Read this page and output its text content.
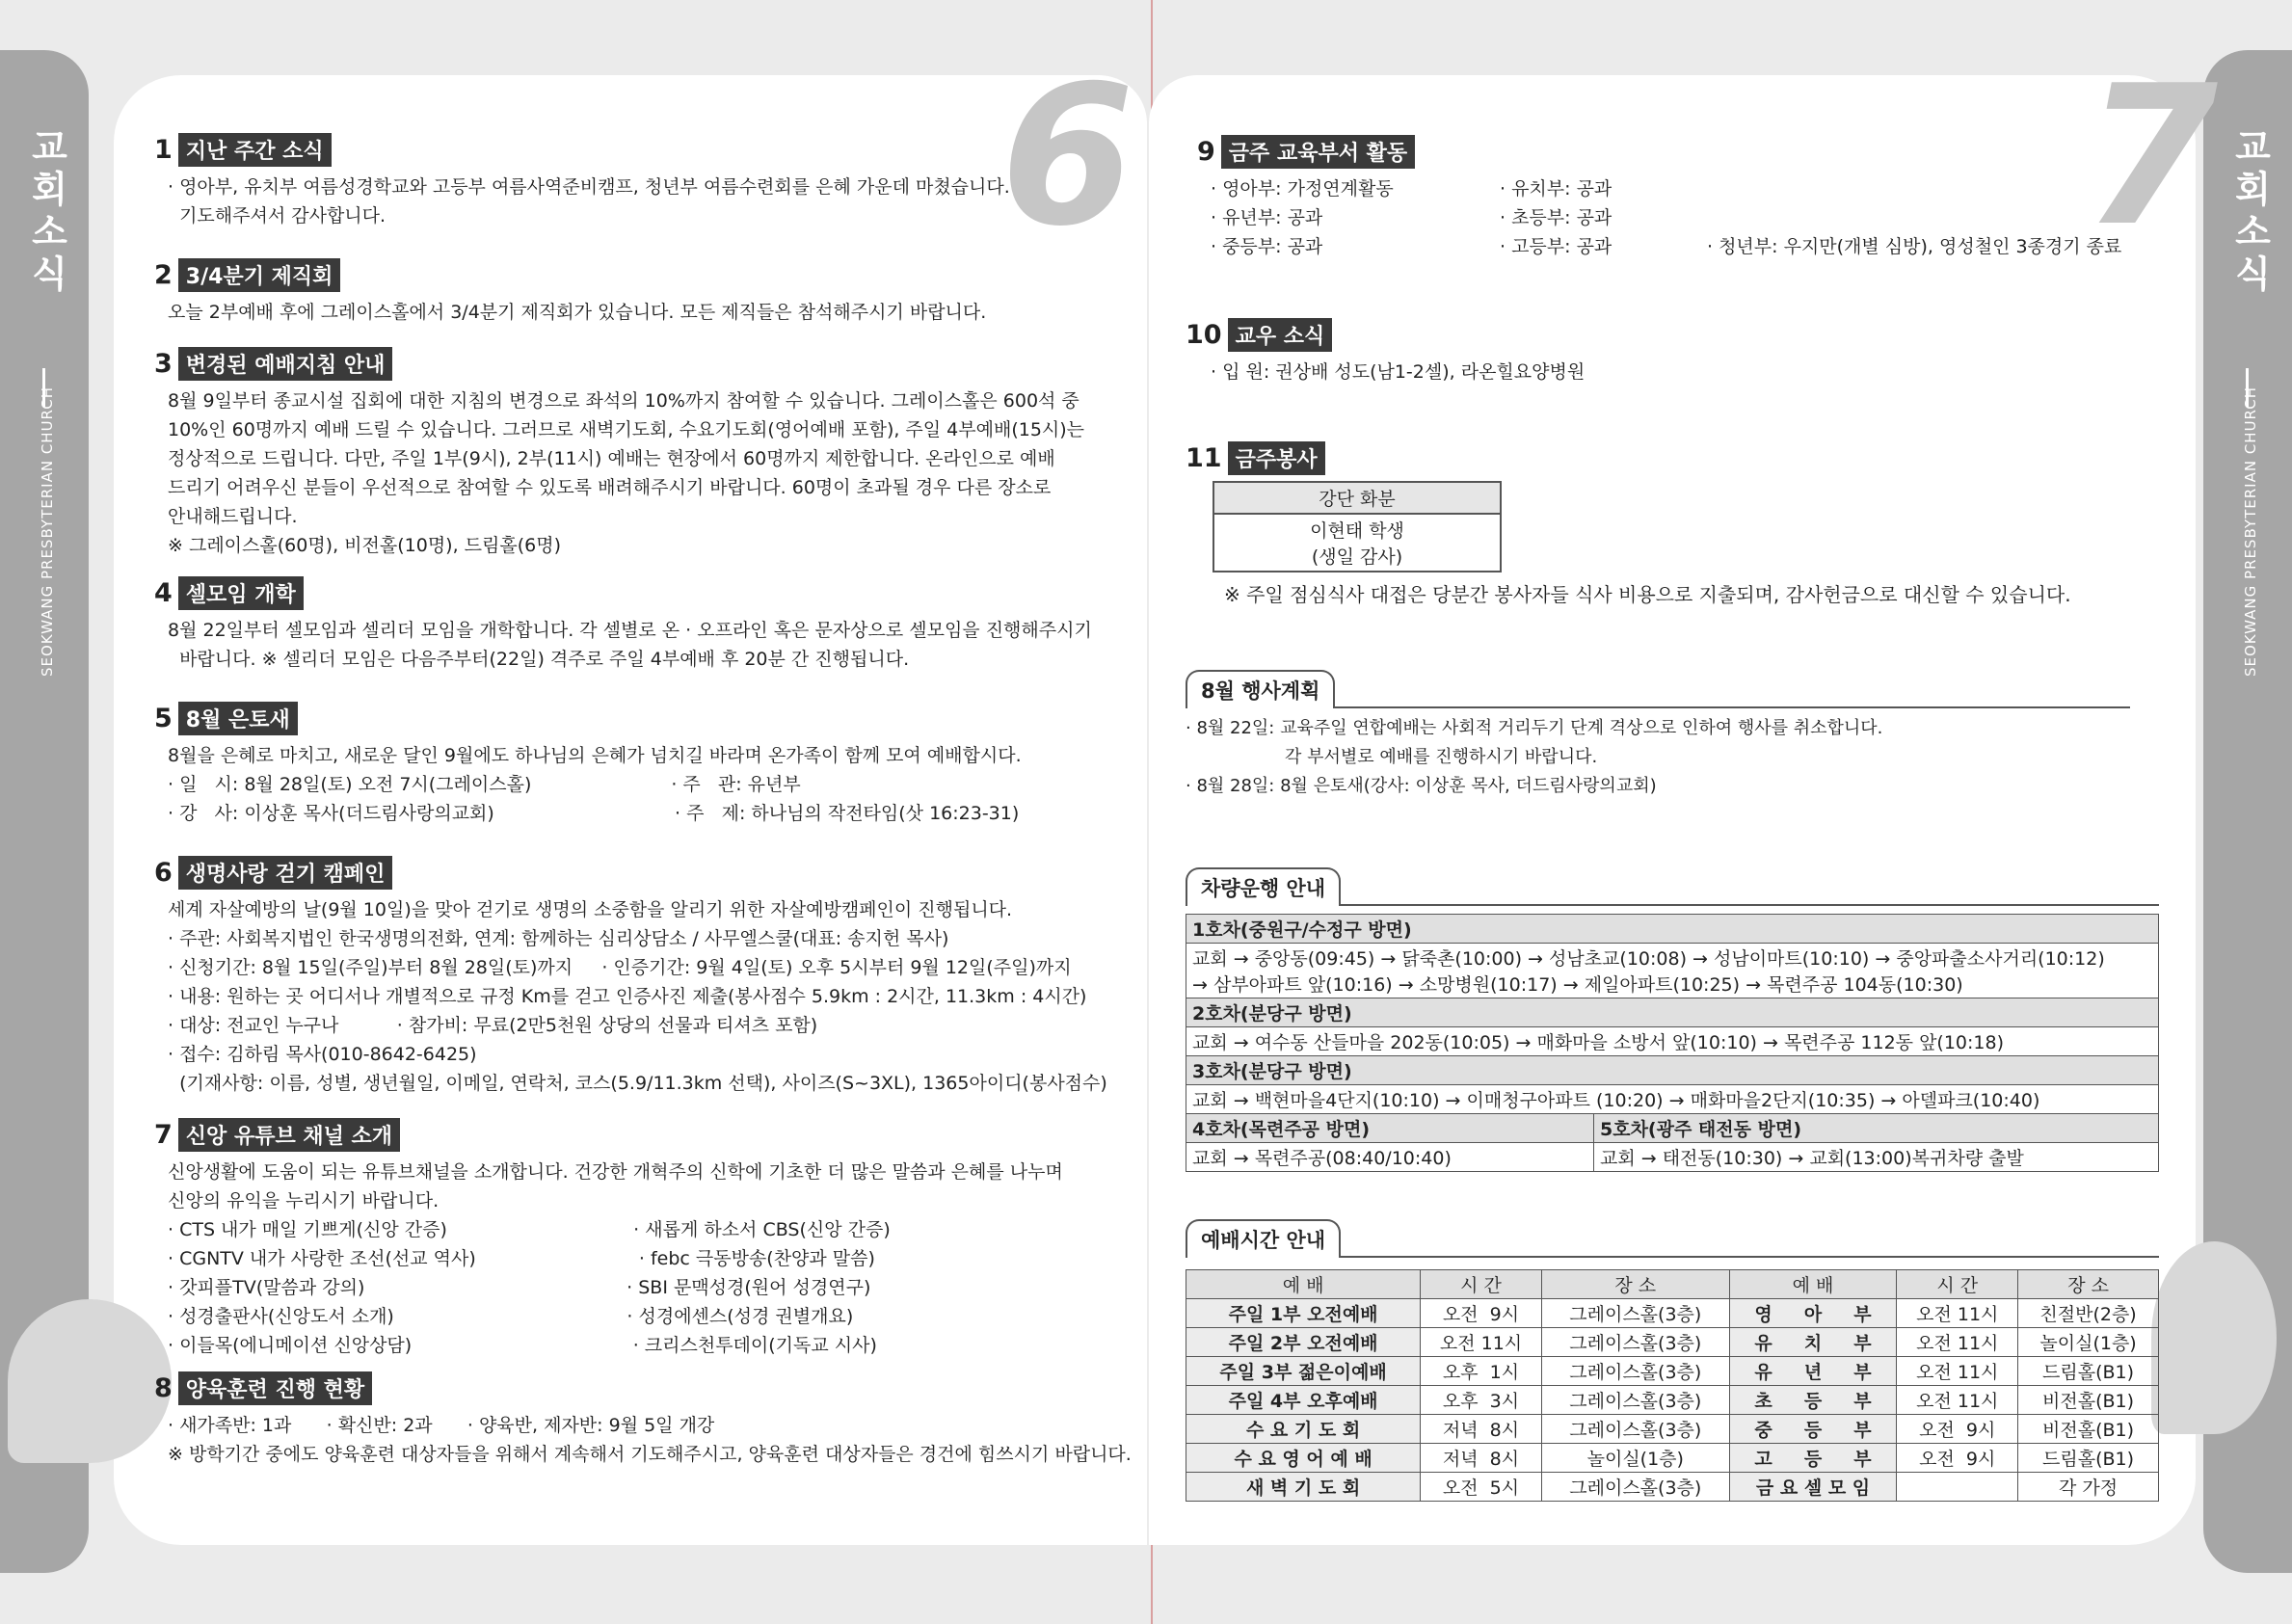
교회소식
SEOKWANG PRESBYTERIAN CHURCH
교회소식
SEOKWANG PRESBYTERIAN CHURCH
6
1 지난 주간 소식
· 영아부, 유치부 여름성경학교와 고등부 여름사역준비캠프, 청년부 여름수련회를 은혜 가운데 마쳤습니다.
기도해주셔서 감사합니다.
2 3/4분기 제직회
오늘 2부예배 후에 그레이스홀에서 3/4분기 제직회가 있습니다. 모든 제직들은 참석해주시기 바랍니다.
3 변경된 예배지침 안내
8월 9일부터 종교시설 집회에 대한 지침의 변경으로 좌석의 10%까지 참여할 수 있습니다. 그레이스홀은 600석 중
10%인 60명까지 예배 드릴 수 있습니다. 그러므로 새벽기도회, 수요기도회(영어예배 포함), 주일 4부예배(15시)는
정상적으로 드립니다. 다만, 주일 1부(9시), 2부(11시) 예배는 현장에서 60명까지 제한합니다. 온라인으로 예배
드리기 어려우신 분들이 우선적으로 참여할 수 있도록 배려해주시기 바랍니다. 60명이 초과될 경우 다른 장소로
안내해드립니다.
※ 그레이스홀(60명), 비전홀(10명), 드림홀(6명)
4 셀모임 개학
8월 22일부터 셀모임과 셀리더 모임을 개학합니다. 각 셀별로 온 · 오프라인 혹은 문자상으로 셀모임을 진행해주시기
바랍니다. ※ 셀리더 모임은 다음주부터(22일) 격주로 주일 4부예배 후 20분 간 진행됩니다.
5 8월 은토새
8월을 은혜로 마치고, 새로운 달인 9월에도 하나님의 은혜가 넘치길 바라며 온가족이 함께 모여 예배합시다.
· 일   시: 8월 28일(토) 오전 7시(그레이스홀)                        · 주   관: 유년부
· 강   사: 이상훈 목사(더드림사랑의교회)                               · 주   제: 하나님의 작전타임(삿 16:23-31)
6 생명사랑 걷기 캠페인
세계 자살예방의 날(9월 10일)을 맞아 걷기로 생명의 소중함을 알리기 위한 자살예방캠페인이 진행됩니다.
· 주관: 사회복지법인 한국생명의전화, 연계: 함께하는 심리상담소 / 사무엘스쿨(대표: 송지헌 목사)
· 신청기간: 8월 15일(주일)부터 8월 28일(토)까지     · 인증기간: 9월 4일(토) 오후 5시부터 9월 12일(주일)까지
· 내용: 원하는 곳 어디서나 개별적으로 규정 Km를 걷고 인증사진 제출(봉사점수 5.9km : 2시간, 11.3km : 4시간)
· 대상: 전교인 누구나          · 참가비: 무료(2만5천원 상당의 선물과 티셔츠 포함)
· 접수: 김하림 목사(010-8642-6425)
(기재사항: 이름, 성별, 생년월일, 이메일, 연락처, 코스(5.9/11.3km 선택), 사이즈(S~3XL), 1365아이디(봉사점수)
7 신앙 유튜브 채널 소개
신앙생활에 도움이 되는 유튜브채널을 소개합니다. 건강한 개혁주의 신학에 기초한 더 많은 말씀과 은혜를 나누며
신앙의 유익을 누리시기 바랍니다.
· CTS 내가 매일 기쁘게(신앙 간증)                                · 새롭게 하소서 CBS(신앙 간증)
· CGNTV 내가 사랑한 조선(선교 역사)                            · febc 극동방송(찬양과 말씀)
· 갓피플TV(말씀과 강의)                                             · SBI 문맥성경(원어 성경연구)
· 성경출판사(신앙도서 소개)                                        · 성경에센스(성경 권별개요)
· 이들목(에니메이션 신앙상담)                                      · 크리스천투데이(기독교 시사)
8 양육훈련 진행 현황
· 새가족반: 1과      · 확신반: 2과      · 양육반, 제자반: 9월 5일 개강
※ 방학기간 중에도 양육훈련 대상자들을 위해서 계속해서 기도해주시고, 양육훈련 대상자들은 경건에 힘쓰시기 바랍니다.
7
9 금주 교육부서 활동
· 영아부: 가정연계활동	· 유치부: 공과
· 유년부: 공과	· 초등부: 공과
· 중등부: 공과	· 고등부: 공과	· 청년부: 우지만(개별 심방), 영성철인 3종경기 종료
10 교우 소식
· 입 원: 권상배 성도(남1-2셀), 라온힐요양병원
11 금주봉사
강단 화분

이현태 학생
(생일 감사)
※ 주일 점심식사 대접은 당분간 봉사자들 식사 비용으로 지출되며, 감사헌금으로 대신할 수 있습니다.
8월 행사계획
· 8월 22일: 교육주일 연합예배는 사회적 거리두기 단계 격상으로 인하여 행사를 취소합니다.
각 부서별로 예배를 진행하시기 바랍니다.
· 8월 28일: 8월 은토새(강사: 이상훈 목사, 더드림사랑의교회)
차량운행 안내
1호차(중원구/수정구 방면)	

교회 → 중앙동(09:45) → 닭죽촌(10:00) → 성남초교(10:08) → 성남이마트(10:10) → 중앙파출소사거리(10:12)
→ 삼부아파트 앞(10:16) → 소망병원(10:17) → 제일아파트(10:25) → 목련주공 104동(10:30)	

2호차(분당구 방면)	
교회 → 여수동 산들마을 202동(10:05) → 매화마을 소방서 앞(10:10) → 목련주공 112동 앞(10:18)	
3호차(분당구 방면)	
교회 → 백현마을4단지(10:10) → 이매청구아파트 (10:20) → 매화마을2단지(10:35) → 아델파크(10:40)	
4호차(목련주공 방면)	5호차(광주 태전동 방면)
교회 → 목련주공(08:40/10:40)	교회 → 태전동(10:30) → 교회(13:00)복귀차량 출발
예배시간 안내
예 배	시 간	장 소	예 배	시 간	장 소
주일 1부 오전예배	오전  9시	그레이스홀(3층)	영     아     부	오전 11시	친절반(2층)
주일 2부 오전예배	오전 11시	그레이스홀(3층)	유     치     부	오전 11시	놀이실(1층)
주일 3부 젊은이예배	오후  1시	그레이스홀(3층)	유     년     부	오전 11시	드림홀(B1)
주일 4부 오후예배	오후  3시	그레이스홀(3층)	초     등     부	오전 11시	비전홀(B1)
수 요 기 도 회	저녁  8시	그레이스홀(3층)	중     등     부	오전  9시	비전홀(B1)
수 요 영 어 예 배	저녁  8시	놀이실(1층)	고     등     부	오전  9시	드림홀(B1)
새 벽 기 도 회	오전  5시	그레이스홀(3층)	금 요 셀 모 임		각 가정
